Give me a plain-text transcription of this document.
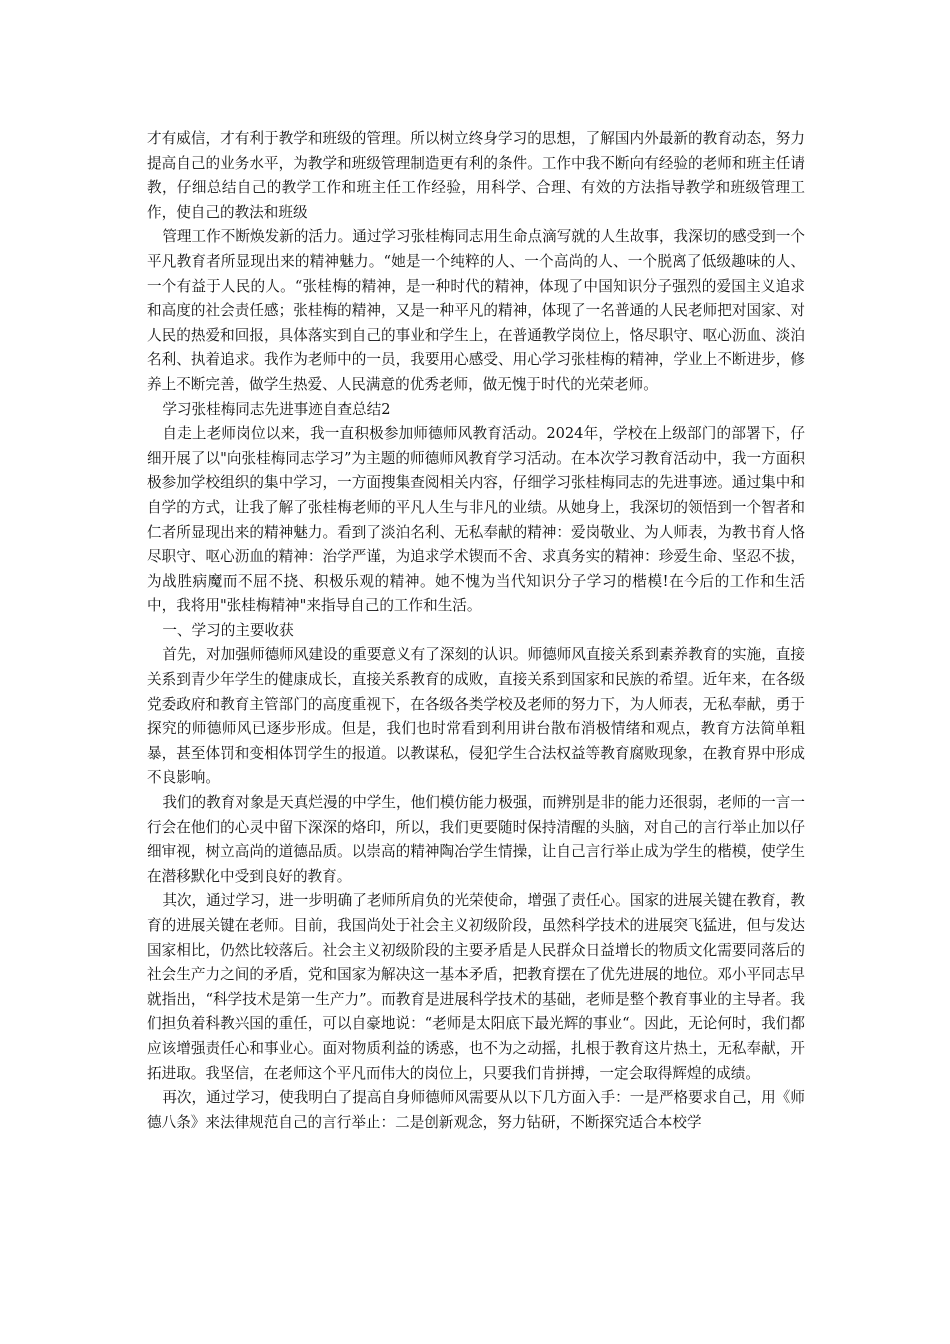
才有威信，才有利于教学和班级的管理。所以树立终身学习的思想，了解国内外最新的教育动态，努力提高自己的业务水平，为教学和班级管理制造更有利的条件。工作中我不断向有经验的老师和班主任请教，仔细总结自己的教学工作和班主任工作经验，用科学、合理、有效的方法指导教学和班级管理工作，使自己的教法和班级

管理工作不断焕发新的活力。通过学习张桂梅同志用生命点滴写就的人生故事，我深切的感受到一个平凡教育者所显现出来的精神魅力。“她是一个纯粹的人、一个高尚的人、一个脱离了低级趣味的人、一个有益于人民的人。“张桂梅的精神，是一种时代的精神，体现了中国知识分子强烈的爱国主义追求和高度的社会责任感；张桂梅的精神，又是一种平凡的精神，体现了一名普通的人民老师把对国家、对人民的热爱和回报，具体落实到自己的事业和学生上，在普通教学岗位上，恪尽职守、呕心沥血、淡泊名利、执着追求。我作为老师中的一员，我要用心感受、用心学习张桂梅的精神，学业上不断进步，修养上不断完善，做学生热爱、人民满意的优秀老师，做无愧于时代的光荣老师。

学习张桂梅同志先进事迹自查总结2

自走上老师岗位以来，我一直积极参加师德师风教育活动。2024年，学校在上级部门的部署下，仔细开展了以"向张桂梅同志学习”为主题的师德师风教育学习活动。在本次学习教育活动中，我一方面积极参加学校组织的集中学习，一方面搜集查阅相关内容，仔细学习张桂梅同志的先进事迹。通过集中和自学的方式，让我了解了张桂梅老师的平凡人生与非凡的业绩。从她身上，我深切的领悟到一个智者和仁者所显现出来的精神魅力。看到了淡泊名利、无私奉献的精神：爱岗敬业、为人师表，为教书育人恪尽职守、呕心沥血的精神：治学严谨，为追求学术锲而不舍、求真务实的精神：珍爱生命、坚忍不拔，为战胜病魔而不屈不挠、积极乐观的精神。她不愧为当代知识分子学习的楷模!在今后的工作和生活中，我将用"张桂梅精神"来指导自己的工作和生活。

一、学习的主要收获

首先，对加强师德师风建设的重要意义有了深刻的认识。师德师风直接关系到素养教育的实施，直接关系到青少年学生的健康成长，直接关系教育的成败，直接关系到国家和民族的希望。近年来，在各级党委政府和教育主管部门的高度重视下，在各级各类学校及老师的努力下，为人师表，无私奉献，勇于探究的师德师风已逐步形成。但是，我们也时常看到利用讲台散布消极情绪和观点，教育方法简单粗暴，甚至体罚和变相体罚学生的报道。以教谋私，侵犯学生合法权益等教育腐败现象，在教育界中形成不良影响。

我们的教育对象是天真烂漫的中学生，他们模仿能力极强，而辨别是非的能力还很弱，老师的一言一行会在他们的心灵中留下深深的烙印，所以，我们更要随时保持清醒的头脑，对自己的言行举止加以仔细审视，树立高尚的道德品质。以崇高的精神陶冶学生情操，让自己言行举止成为学生的楷模，使学生在潜移默化中受到良好的教育。

其次，通过学习，进一步明确了老师所肩负的光荣使命，增强了责任心。国家的进展关键在教育，教育的进展关键在老师。目前，我国尚处于社会主义初级阶段，虽然科学技术的进展突飞猛进，但与发达国家相比，仍然比较落后。社会主义初级阶段的主要矛盾是人民群众日益增长的物质文化需要同落后的社会生产力之间的矛盾，党和国家为解决这一基本矛盾，把教育摆在了优先进展的地位。邓小平同志早就指出，“科学技术是第一生产力”。而教育是进展科学技术的基础，老师是整个教育事业的主导者。我们担负着科教兴国的重任，可以自豪地说：“老师是太阳底下最光辉的事业“。因此，无论何时，我们都应该增强责任心和事业心。面对物质利益的诱惑，也不为之动摇，扎根于教育这片热土，无私奉献，开拓进取。我坚信，在老师这个平凡而伟大的岗位上，只要我们肯拼搏，一定会取得辉煌的成绩。

再次，通过学习，使我明白了提高自身师德师风需要从以下几方面入手：一是严格要求自己，用《师德八条》来法律规范自己的言行举止：二是创新观念，努力钻研，不断探究适合本校学
